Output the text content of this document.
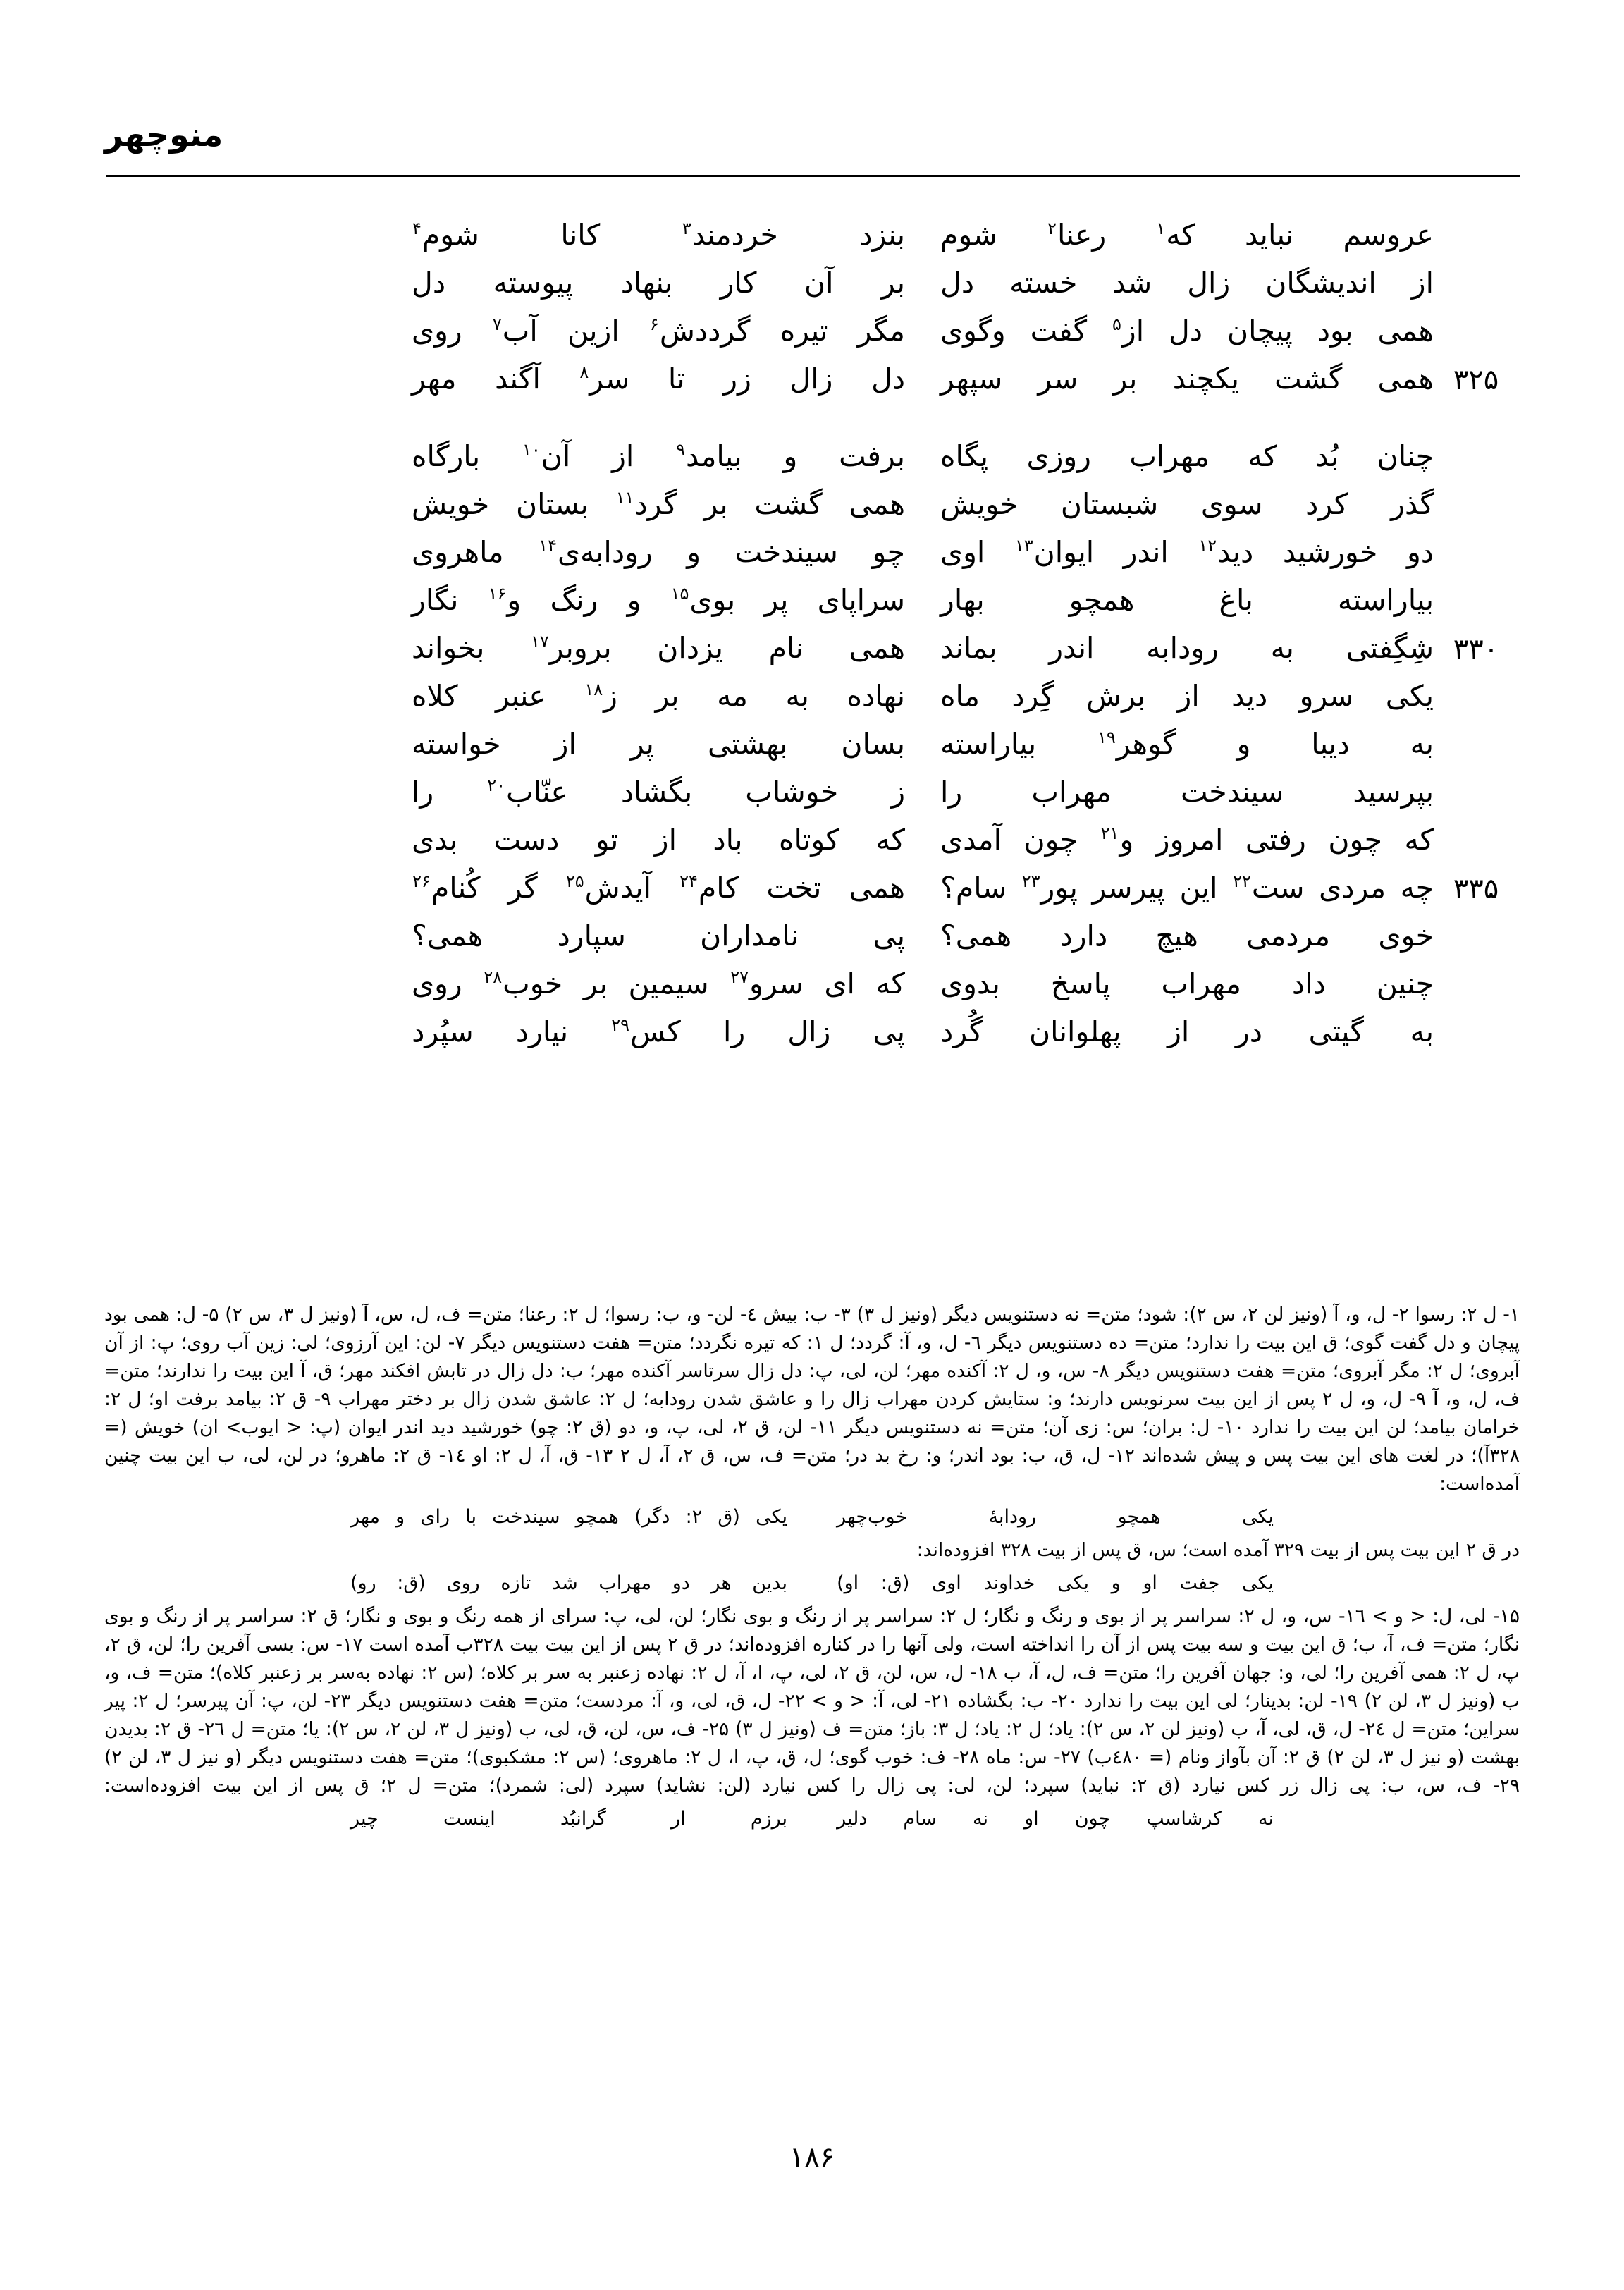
منوچهر
عروسم
نباید
که$^۱$
رعنا$^۲$
شوم
بنزد
خردمند$^۳$
کانا
شوم$^۴$
از
اندیشگان
زال
شد
خسته
دل
بر
آن
کار
بنهاد
پیوسته
دل
همی
بود
پیچان
دل
از$^۵$
گفت
وگوی
مگر
تیره
گرددش$^۶$
ازین
آب$^۷$
روی
۳۲۵
همی
گشت
یکچند
بر
سر
سپهر
دل
زال
زر
تا
سر$^۸$
آگند
مهر
چنان
بُد
که
مهراب
روزی
پگاه
برفت
و
بیامد$^۹$
از
آن$^{۱۰}$
بارگاه
گذر
کرد
سوی
شبستان
خویش
همی
گشت
بر
گرد$^{۱۱}$
بستان
خویش
دو
خورشید
دید$^{۱۲}$
اندر
ایوان$^{۱۳}$
اوی
چو
سیندخت
و
رودابه‌ی$^{۱۴}$
ماهروی
بیاراسته
باغ
همچو
بهار
سراپای
پر
بوی$^{۱۵}$
و
رنگ
و$^{۱۶}$
نگار
۳۳۰
شِگِفتی
به
رودابه
اندر
بماند
همی
نام
یزدان
بروبر$^{۱۷}$
بخواند
یکی
سرو
دید
از
برش
گِرد
ماه
نهاده
به
مه
بر
ز$^{۱۸}$
عنبر
کلاه
به
دیبا
و
گوهر$^{۱۹}$
بیاراسته
بسان
بهشتی
پر
از
خواسته
بپرسید
سیندخت
مهراب
را
ز
خوشاب
بگشاد
عنّاب$^{۲۰}$
را
که
چون
رفتی
امروز
و$^{۲۱}$
چون
آمدی
که
کوتاه
باد
از
تو
دست
بدی
۳۳۵
چه
مردی
ست$^{۲۲}$
این
پیرسر
پور$^{۲۳}$
سام؟
همی
تخت
کام$^{۲۴}$
آیدش$^{۲۵}$
گر
کُنام$^{۲۶}$
خوی
مردمی
هیچ
دارد
همی؟
پی
نامداران
سپارد
همی؟
چنین
داد
مهراب
پاسخ
بدوی
که
ای
سرو$^{۲۷}$
سیمین
بر
خوب$^{۲۸}$
روی
به
گیتی
در
از
پهلوانان
گُرد
پی
زال
را
کس$^{۲۹}$
نیارد
سپُرد

۱- ل ۲: رسوا ۲- ل، و، آ (ونیز لن ۲، س ۲): شود؛ متن= نه دستنویس دیگر (ونیز ل ۳) ۳- ب: بیش ٤- لن- و، ب: رسوا؛ ل ۲: رعنا؛ متن= ف، ل، س، آ (ونیز ل ۳، س ۲) ۵- ل: همی بود پیچان و دل گفت گوی؛ ق این بیت را ندارد؛ متن= ده دستنویس دیگر ٦- ل، و، آ: گردد؛ ل ۱: که تیره نگردد؛ متن= هفت دستنویس دیگر ۷- لن: این آرزوی؛ لی: زین آب روی؛ پ: از آن آبروی؛ ل ۲: مگر آبروی؛ متن= هفت دستنویس دیگر ۸- س، و، ل ۲: آکنده مهر؛ لن، لی، پ: دل زال سرتاسر آکنده مهر؛ ب: دل زال در تابش افکند مهر؛ ق، آ این بیت را ندارند؛ متن= ف، ل، و، آ ۹- ل، و، ل ۲ پس از این بیت سرنویس دارند؛ و: ستایش کردن مهراب زال را و عاشق شدن رودابه؛ ل ۲: عاشق شدن زال بر دختر مهراب ۹- ق ۲: بیامد برفت او؛ ل ۲: خرامان بیامد؛ لن این بیت را ندارد ۱۰- ل: بران؛ س: زی آن؛ متن= نه دستنویس دیگر ۱۱- لن، ق ۲، لی، پ، و، دو (ق ۲: چو) خورشید دید اندر ایوان (پ: < ایوب> ان) خویش (= ۳۲۸آ)؛ در لغت های این بیت پس و پیش شده‌اند ۱۲- ل، ق، ب: بود اندر؛ و: رخ بد در؛ متن= ف، س، ق ۲، آ، ل ۲ ۱۳- ق، آ، ل ۲: او ۱٤- ق ۲: ماهرو؛ در لن، لی، ب این بیت چنین آمده‌است:

یکی
همچو
رودابهٔ
خوب‌چهر
یکی
(ق
۲:
دگر)
همچو
سیندخت
با
رای
و
مهر

در ق ۲ این بیت پس از بیت ۳۲۹ آمده است؛ س، ق پس از بیت ۳۲۸ افزوده‌اند:

یکی
جفت
او
و
یکی
خداوند
اوی
(ق:
او)
بدین
هر
دو
مهراب
شد
تازه
روی
(ق:
رو)

۱۵- لی، ل: < و > ۱٦- س، و، ل ۲: سراسر پر از بوی و رنگ و نگار؛ ل ۲: سراسر پر از رنگ و بوی نگار؛ لن، لی، پ: سرای از همه رنگ و بوی و نگار؛ ق ۲: سراسر پر از رنگ و بوی نگار؛ متن= ف، آ، ب؛ ق این بیت و سه بیت پس از آن را انداخته است، ولی آنها را در کناره افزوده‌اند؛ در ق ۲ پس از این بیت بیت ۳۲۸ب آمده است ۱۷- س: بسی آفرین را؛ لن، ق ۲، پ، ل ۲: همی آفرین را؛ لی، و: جهان آفرین را؛ متن= ف، ل، آ، ب ۱۸- ل، س، لن، ق ۲، لی، پ، ا، آ، ل ۲: نهاده زعنبر به سر بر کلاه؛ (س ۲: نهاده بەسر بر زعنبر کلاه)؛ متن= ف، و، ب (ونیز ل ۳، لن ۲) ۱۹- لن: بدینار؛ لی این بیت را ندارد ۲۰- ب: بگشاده ۲۱- لی، آ: < و > ۲۲- ل، ق، لی، و، آ: مردست؛ متن= هفت دستنویس دیگر ۲۳- لن، پ: آن پیرسر؛ ل ۲: پیر سراین؛ متن= ل ۲٤- ل، ق، لی، آ، ب (ونیز لن ۲، س ۲): یاد؛ ل ۲: یاد؛ ل ۳: باز؛ متن= ف (ونیز ل ۳) ۲۵- ف، س، لن، ق، لی، ب (ونیز ل ۳، لن ۲، س ۲): یا؛ متن= ل ۲٦- ق ۲: بدیدن بهشت (و نیز ل ۳، لن ۲) ق ۲: آن بآواز ونام (= ٤۸۰ب) ۲۷- س: ماه ۲۸- ف: خوب گوی؛ ل، ق، پ، ا، ل ۲: ماهروی؛ (س ۲: مشکبوی)؛ متن= هفت دستنویس دیگر (و نیز ل ۳، لن ۲) ۲۹- ف، س، ب: پی زال زر کس نیارد (ق ۲: نباید) سپرد؛ لن، لی: پی زال را کس نیارد (لن: نشاید) سپرد (لی: شمرد)؛ متن= ل ۲؛ ق پس از این بیت افزوده‌است:

نه
کرشاسپ
چون
او
نه
سام
دلیر
برزم
ار
گرانبُد
اینست
چیر
۱۸۶
